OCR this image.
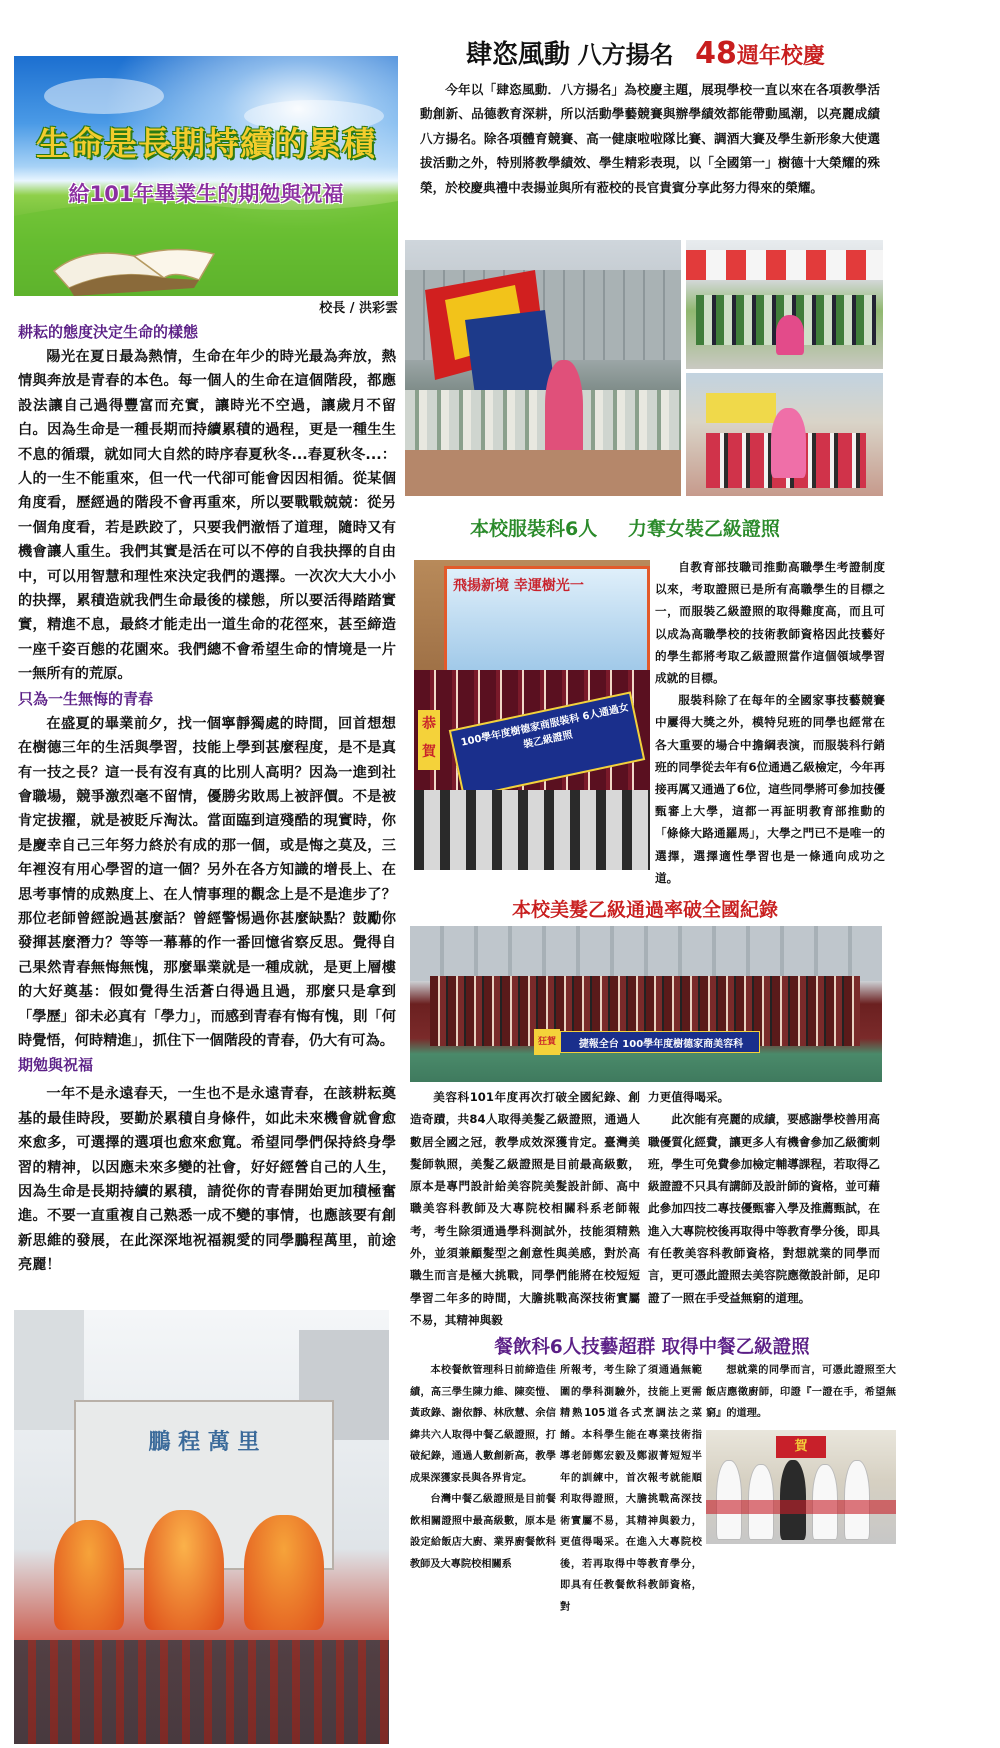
生命是長期持續的累積
給101年畢業生的期勉與祝福
校長 / 洪彩雲
耕耘的態度決定生命的樣態

陽光在夏日最為熱情，生命在年少的時光最為奔放，熱情與奔放是青春的本色。每一個人的生命在這個階段，都應設法讓自己過得豐富而充實，讓時光不空過，讓歲月不留白。因為生命是一種長期而持續累積的過程，更是一種生生不息的循環，就如同大自然的時序春夏秋冬...春夏秋冬...：人的一生不能重來，但一代一代卻可能會因因相循。從某個角度看，歷經過的階段不會再重來，所以要戰戰兢兢：從另一個角度看，若是跌跤了，只要我們澈悟了道理，隨時又有機會讓人重生。我們其實是活在可以不停的自我抉擇的自由中，可以用智慧和理性來決定我們的選擇。一次次大大小小的抉擇，累積造就我們生命最後的樣態，所以要活得踏踏實實，精進不息，最終才能走出一道生命的花徑來，甚至締造一座千姿百態的花園來。我們總不會希望生命的情境是一片一無所有的荒原。

只為一生無悔的青春

在盛夏的畢業前夕，找一個寧靜獨處的時間，回首想想在樹德三年的生活與學習，技能上學到甚麼程度，是不是真有一技之長？這一長有沒有真的比別人高明？因為一進到社會職場，競爭激烈毫不留情，優勝劣敗馬上被評價。不是被肯定拔擢，就是被貶斥淘汰。當面臨到這殘酷的現實時，你是慶幸自己三年努力終於有成的那一個，或是悔之莫及，三年裡沒有用心學習的這一個？另外在各方知識的增長上、在思考事情的成熟度上、在人情事理的觀念上是不是進步了？那位老師曾經說過甚麼話？曾經警惕過你甚麼缺點？鼓勵你發揮甚麼潛力？等等一幕幕的作一番回憶省察反思。覺得自己果然青春無悔無愧，那麼畢業就是一種成就，是更上層樓的大好奠基：假如覺得生活蒼白得過且過，那麼只是拿到「學歷」卻未必真有「學力」，而感到青春有悔有愧，則「何時覺悟，何時精進」，抓住下一個階段的青春，仍大有可為。

期勉與祝福

一年不是永遠春天，一生也不是永遠青春，在該耕耘奠基的最佳時段，要勤於累積自身條件，如此未來機會就會愈來愈多，可選擇的選項也愈來愈寬。希望同學們保持終身學習的精神，以因應未來多變的社會，好好經營自己的人生，因為生命是長期持續的累積，請從你的青春開始更加積極奮進。不要一直重複自己熟悉一成不變的事情，也應該要有創新思維的發展，在此深深地祝福親愛的同學鵬程萬里，前途亮麗！

鵬 程 萬 里
肆恣風動 八方揚名 48週年校慶

今年以「肆恣風動．八方揚名」為校慶主題，展現學校一直以來在各項教學活動創新、品德教育深耕，所以活動學藝競賽與辦學績效都能帶動風潮，以亮麗成績八方揚名。除各項體育競賽、高一健康啦啦隊比賽、調酒大賽及學生新形象大使選拔活動之外，特別將教學績效、學生精彩表現，以「全國第一」樹德十大榮耀的殊榮，於校慶典禮中表揚並與所有蒞校的長官貴賓分享此努力得來的榮耀。

本校服裝科6人 力奪女裝乙級證照
飛揚新境 幸運樹光一
100學年度樹德家商服裝科 6人通過女裝乙級證照
恭賀

自教育部技職司推動高職學生考證制度以來，考取證照已是所有高職學生的目標之一，而服裝乙級證照的取得難度高，而且可以成為高職學校的技術教師資格因此技藝好的學生都將考取乙級證照當作這個領域學習成就的目標。

服裝科除了在每年的全國家事技藝競賽中屢得大獎之外，模特兒班的同學也經常在各大重要的場合中擔綱表演，而服裝科行銷班的同學從去年有6位通過乙級檢定，今年再接再厲又通過了6位，這些同學將可參加技優甄審上大學，這都一再証明教育部推動的「條條大路通羅馬」，大學之門已不是唯一的選擇，選擇適性學習也是一條通向成功之道。

本校美髮乙級通過率破全國紀錄
捷報全台 100學年度樹德家商美容科
狂賀

美容科101年度再次打破全國紀錄、創造奇蹟，共84人取得美髮乙級證照，通過人數居全國之冠，教學成效深獲肯定。臺灣美髮師執照，美髮乙級證照是目前最高級數，原本是專門設計給美容院美髮設計師、高中職美容科教師及大專院校相關科系老師報考，考生除須通過學科測試外，技能須精熟外，並須兼顧髮型之創意性與美感，對於高職生而言是極大挑戰，同學們能將在校短短學習二年多的時間，大膽挑戰高深技術實屬不易，其精神與毅

力更值得喝采。

此次能有亮麗的成績，要感謝學校善用高職優質化經費，讓更多人有機會參加乙級衝刺班，學生可免費參加檢定輔導課程，若取得乙級證證不只具有講師及設計師的資格，並可藉此參加四技二專技優甄審入學及推薦甄試，在進入大專院校後再取得中等教育學分後，即具有任教美容科教師資格，對想就業的同學而言，更可憑此證照去美容院應徵設計師，足印證了一照在手受益無窮的道理。

餐飲科6人技藝超群 取得中餐乙級證照

本校餐飲管理科日前締造佳績，高三學生陳力維、陳奕愷、黃政錄、謝依靜、林欣慧、余信緯共六人取得中餐乙級證照，打破紀錄，通過人數創新高，教學成果深獲家長與各界肯定。

台灣中餐乙級證照是目前餐飲相關證照中最高級數，原本是設定給飯店大廚、業界廚餐飲科教師及大專院校相關系

所報考，考生除了須通過無範圍的學科測驗外，技能上更需精熟105道各式烹調法之菜餚。本科學生能在專業技術指導老師鄭宏毅及鄭淑菁短短半年的訓練中，首次報考就能順利取得證照，大膽挑戰高深技術實屬不易，其精神與毅力，更值得喝采。在進入大專院校後，若再取得中等教育學分，即具有任教餐飲科教師資格，對

想就業的同學而言，可憑此證照至大飯店應徵廚師，印證『一證在手，希望無窮』的道理。

賀
